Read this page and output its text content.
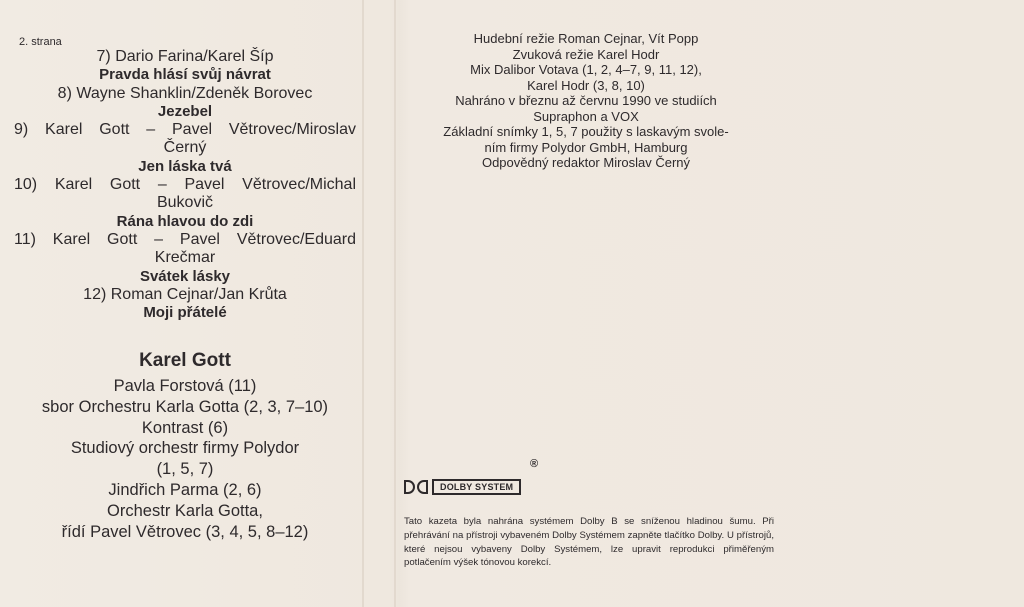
2. strana
7) Dario Farina/Karel Šíp
Pravda hlásí svůj návrat
8) Wayne Shanklin/Zdeněk Borovec
Jezebel
9) Karel Gott – Pavel Větrovec/Miroslav
Černý
Jen láska tvá
10) Karel Gott – Pavel Větrovec/Michal
Bukovič
Rána hlavou do zdi
11) Karel Gott – Pavel Větrovec/Eduard
Krečmar
Svátek lásky
12) Roman Cejnar/Jan Krůta
Moji přátelé
Karel Gott
Pavla Forstová (11)
sbor Orchestru Karla Gotta (2, 3, 7–10)
Kontrast (6)
Studiový orchestr firmy Polydor
(1, 5, 7)
Jindřich Parma (2, 6)
Orchestr Karla Gotta,
řídí Pavel Větrovec (3, 4, 5, 8–12)
Hudební režie Roman Cejnar, Vít Popp
Zvuková režie Karel Hodr
Mix Dalibor Votava (1, 2, 4–7, 9, 11, 12),
Karel Hodr (3, 8, 10)
Nahráno v březnu až červnu 1990 ve studiích
Supraphon a VOX
Základní snímky 1, 5, 7 použity s laskavým svole-
ním firmy Polydor GmbH, Hamburg
Odpovědný redaktor Miroslav Černý
®
DOLBY SYSTEM
Tato kazeta byla nahrána systémem Dolby B se sníženou hladinou šumu. Při přehrávání na přístroji vybaveném Dolby Systémem zapněte tlačítko Dolby. U přístrojů, které nejsou vybaveny Dolby Systémem, lze upravit reprodukci přiměřeným potlačením výšek tónovou korekcí.
